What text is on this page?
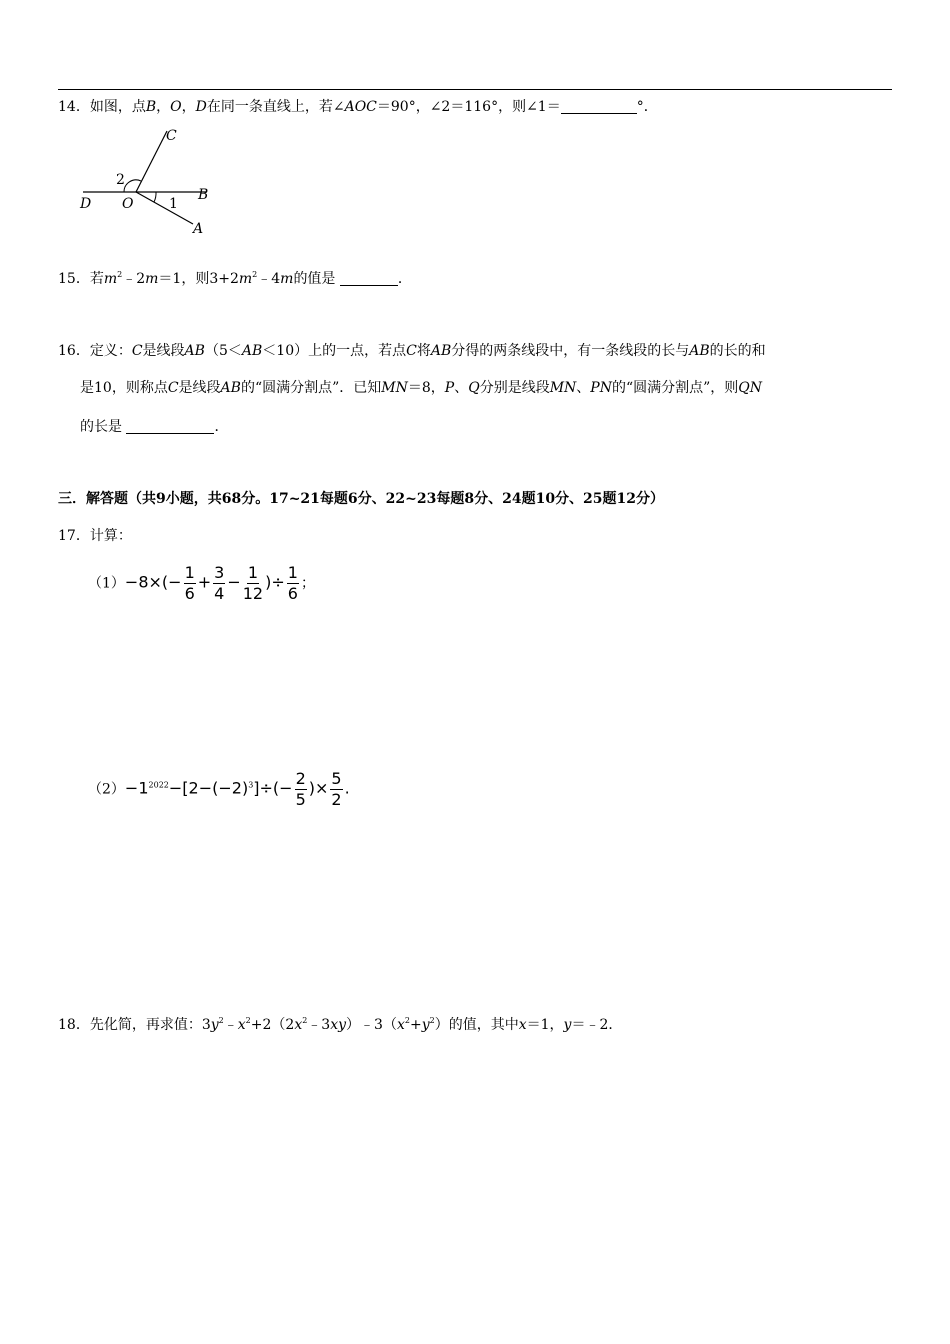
14．如图，点B，O，D在同一条直线上，若∠AOC＝90°，∠2＝116°，则∠1＝	°．
C
D O
B
A
1
2
15．若$m^2﹣2m=1$，则$3+2m^2﹣4m$的值是	．
16．定义：C是线段AB（5＜AB＜10）上的一点，若点C将AB分得的两条线段中，有一条线段的长与AB的长的和
是10，则称点C是线段AB的“圆满分割点”．已知MN＝8，P、Q分别是线段MN、PN的“圆满分割点”，则QN
的长是	．
三．解答题（共9小题，共68分。17~21每题6分、22~23每题8分、24题10分、25题12分）
17．计算：
$(1)-8\times(- \frac{1}{6} + \frac{3}{4} - \frac{1}{12}$ )÷ $\frac{1}{6}$ ；
$(2)-1^{2022}-[2-(-2)^3]\div(- \frac{2}{5}$ )× $\frac{5}{2}$ .
18．先化简，再求值：$3y^2﹣x^2+2(2x^2﹣3xy)﹣3(x^2+y^2)$的值，其中x＝1，y＝﹣2．
